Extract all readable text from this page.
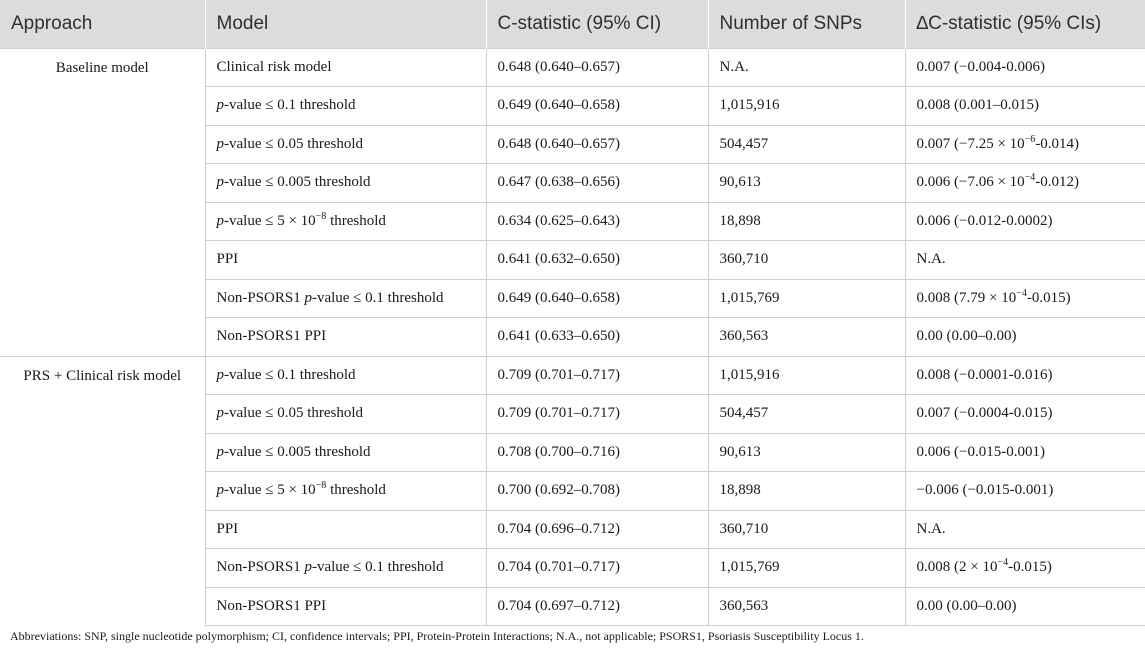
Approach	Model	C-statistic (95% CI)	Number of SNPs	∆C-statistic (95% CIs)
Baseline model	Clinical risk model	0.648 (0.640–0.657)	N.A.	0.007 (−0.004-0.006)
	p-value ≤ 0.1 threshold	0.649 (0.640–0.658)	1,015,916	0.008 (0.001–0.015)
	p-value ≤ 0.05 threshold	0.648 (0.640–0.657)	504,457	0.007 $(-7.25 \times 10^{-6}-0.014)$
	p-value ≤ 0.005 threshold	0.647 (0.638–0.656)	90,613	0.006 $(-7.06 \times 10^{-4}-0.012)$
	p-value ≤ $5 \times 10^{-8}$ threshold	0.634 (0.625–0.643)	18,898	0.006 (−0.012-0.0002)
	PPI	0.641 (0.632–0.650)	360,710	N.A.
	Non-PSORS1 p-value ≤ 0.1 threshold	0.649 (0.640–0.658)	1,015,769	0.008 $(7.79 \times 10^{-4}-0.015)$
	Non-PSORS1 PPI	0.641 (0.633–0.650)	360,563	0.00 (0.00–0.00)
PRS + Clinical risk model	p-value ≤ 0.1 threshold	0.709 (0.701–0.717)	1,015,916	0.008 (−0.0001-0.016)
	p-value ≤ 0.05 threshold	0.709 (0.701–0.717)	504,457	0.007 (−0.0004-0.015)
	p-value ≤ 0.005 threshold	0.708 (0.700–0.716)	90,613	0.006 (−0.015-0.001)
	p-value ≤ $5 \times 10^{-8}$ threshold	0.700 (0.692–0.708)	18,898	−0.006 (−0.015-0.001)
	PPI	0.704 (0.696–0.712)	360,710	N.A.
	Non-PSORS1 p-value ≤ 0.1 threshold	0.704 (0.701–0.717)	1,015,769	0.008 $(2 \times 10^{-4}-0.015)$
	Non-PSORS1 PPI	0.704 (0.697–0.712)	360,563	0.00 (0.00–0.00)
Abbreviations: SNP, single nucleotide polymorphism; CI, confidence intervals; PPI, Protein-Protein Interactions; N.A., not applicable; PSORS1, Psoriasis Susceptibility Locus 1.
